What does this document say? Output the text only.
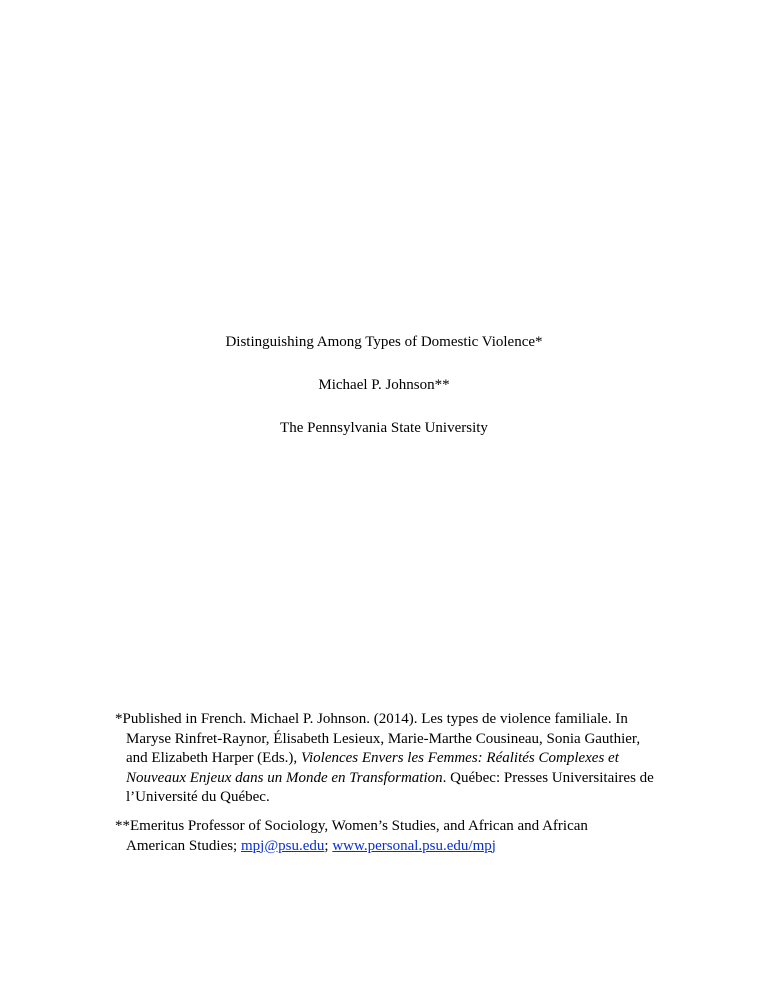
Distinguishing Among Types of Domestic Violence*
Michael P. Johnson**
The Pennsylvania State University
*Published in French. Michael P. Johnson. (2014). Les types de violence familiale. In
Maryse Rinfret-Raynor, Élisabeth Lesieux, Marie-Marthe Cousineau, Sonia Gauthier,
and Elizabeth Harper (Eds.), Violences Envers les Femmes: Réalités Complexes et
Nouveaux Enjeux dans un Monde en Transformation. Québec: Presses Universitaires de
l’Université du Québec.
**Emeritus Professor of Sociology, Women’s Studies, and African and African
American Studies; mpj@psu.edu; www.personal.psu.edu/mpj
